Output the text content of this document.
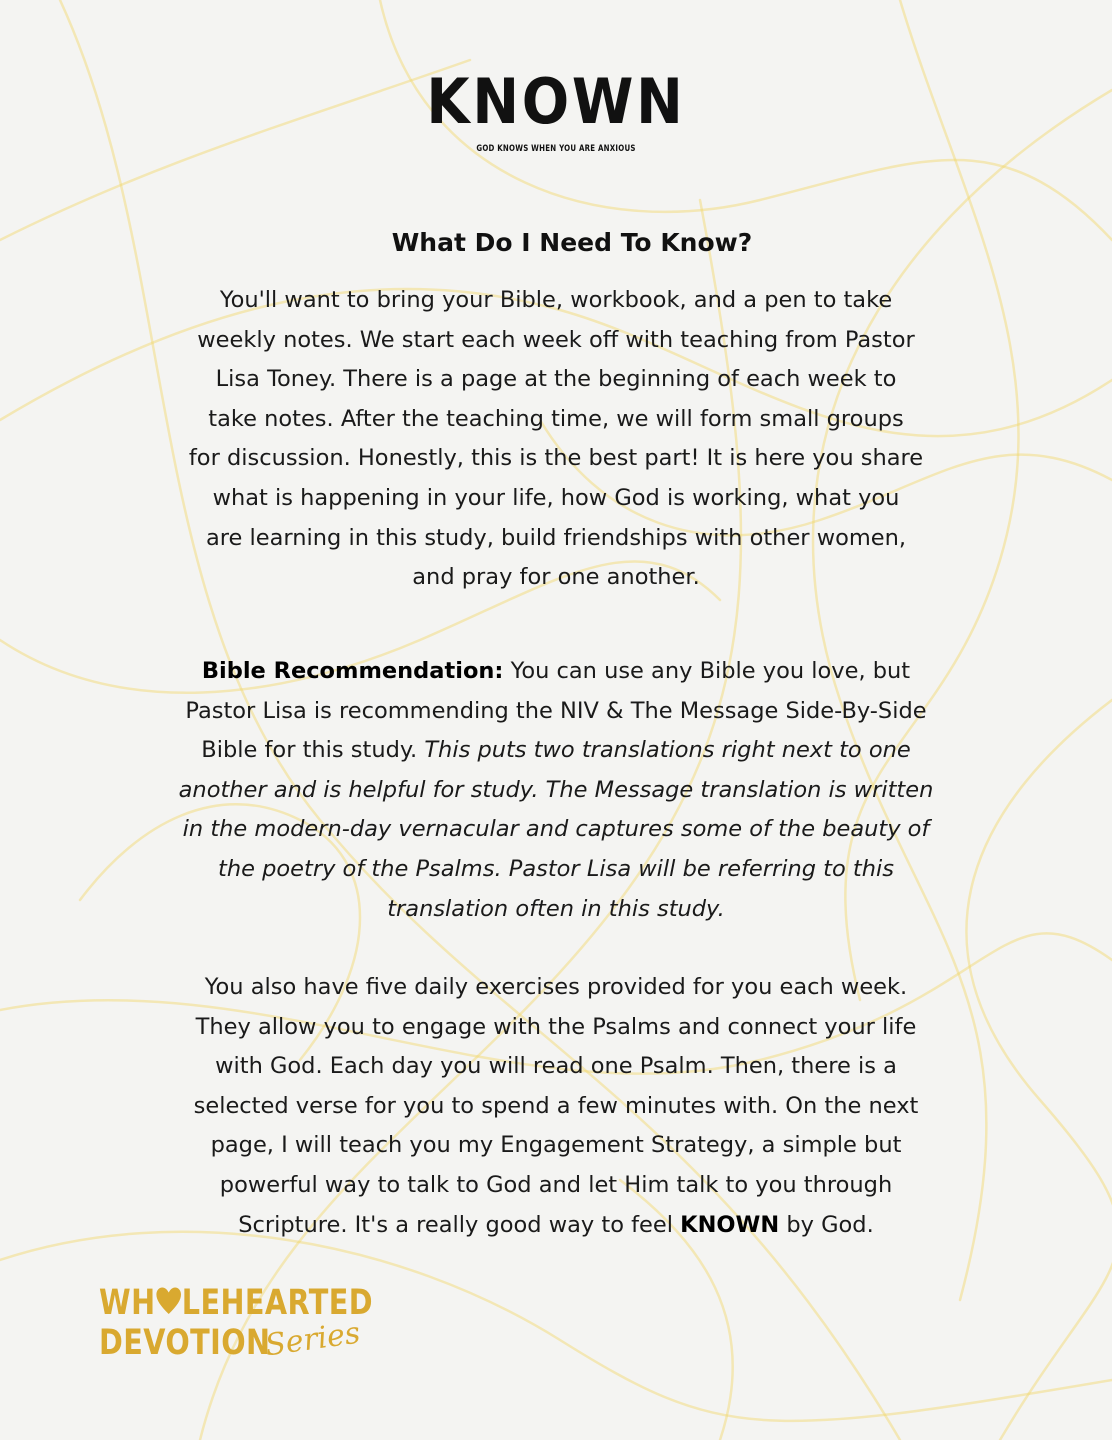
KNOWN
GOD KNOWS WHEN YOU ARE ANXIOUS
What Do I Need To Know?
You'll want to bring your Bible, workbook, and a pen to take
weekly notes. We start each week off with teaching from Pastor
Lisa Toney. There is a page at the beginning of each week to
take notes. After the teaching time, we will form small groups
for discussion. Honestly, this is the best part! It is here you share
what is happening in your life, how God is working, what you
are learning in this study, build friendships with other women,
and pray for one another.
Bible Recommendation: You can use any Bible you love, but
Pastor Lisa is recommending the NIV & The Message Side-By-Side
Bible for this study. This puts two translations right next to one
another and is helpful for study. The Message translation is written
in the modern-day vernacular and captures some of the beauty of
the poetry of the Psalms. Pastor Lisa will be referring to this
translation often in this study.
You also have five daily exercises provided for you each week.
They allow you to engage with the Psalms and connect your life
with God. Each day you will read one Psalm. Then, there is a
selected verse for you to spend a few minutes with. On the next
page, I will teach you my Engagement Strategy, a simple but
powerful way to talk to God and let Him talk to you through
Scripture. It's a really good way to feel KNOWN by God.
WH LEHEARTED
DEVOTION
Series
